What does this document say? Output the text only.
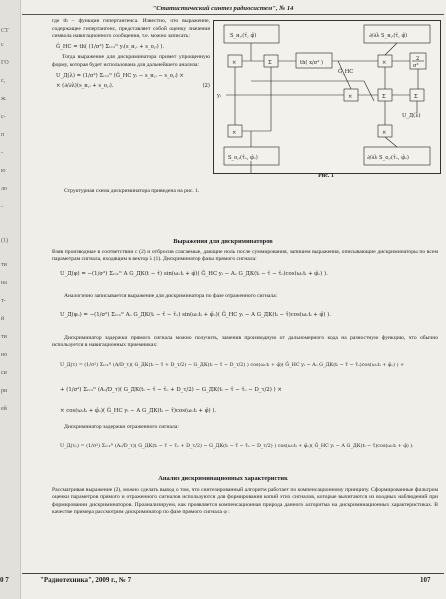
СТ
c
ГО
с,
ж.
с-
п
-
ю
ло
-
(1)
ти
на
т-
й
ти
но
си
ри
ей
"Статистический синтез радиосистем", № 14

где th – функция гипертангенса. Известно, что выражение, содержащее гипертангенс, представляет собой оценку значения символа навигационного сообщения, т.е. можно записать:

Ĝ_НС = th( (1/σ²) Σᵢ₌₁ᴺ yᵢ(s_н,ᵢ + s_о,ᵢ) ).

Тогда выражение для дискриминатора примет упрощенную форму, которая будет использована для дальнейшего анализа:

U_Д(λ) = (1/σ²) Σᵢ₌₁ᴺ (Ĝ_НС yᵢ − s_н,ᵢ − s_о,ᵢ) ×
× (∂/∂λ)(s_н,ᵢ + s_о,ᵢ).	(2)
Структурная схема дискриминатора приведена на рис. 1.
S_н,ᵢ(τ̂, φ̂)	∂/∂λ S_н,ᵢ(τ̂, φ̂)
×	Σ	th( x/σ² )
Ĝ_НС
×
2
σ²
yᵢ	×	Σ	Σ
U_Д(λ)
×	×
S_о,ᵢ(τ̂ₒ, φ̂ₒ)	∂/∂λ S_о,ᵢ(τ̂ₒ, φ̂ₒ)
Рис. 1
Выражения для дискриминаторов
Взяв производные в соответствии с (2) и отбросив слагаемые, дающие ноль после суммирования, запишем выражения, описывающие дискриминаторы по всем параметрам сигнала, входящим в вектор λ (1). Дискриминатор фазы прямого сигнала:
U_Д(φ) = −(1/σ²) Σᵢ₌₁ᴺ A G_ДК(t − τ̂) sin(ωₒtᵢ + φ̂)( Ĝ_НС yᵢ − Aₒ G_ДК(tᵢ − τ̂ − τ̂ₒ)cos(ωₒtᵢ + φ̂ₒ) ).
Аналогично записывается выражение для дискриминатора по фазе отраженного сигнала:
U_Д(φₒ) = −(1/σ²) Σᵢ₌₁ᴺ Aₒ G_ДК(tᵢ − τ̂ − τ̂ₒ) sin(ωₒtᵢ + φ̂ₒ)( Ĝ_НС yᵢ − A G_ДК(tᵢ − τ̂)cos(ωₒtᵢ + φ̂) ).
Дискриминатор задержки прямого сигнала можно получить, заменив производную от дальномерного кода на разностную функцию, что обычно используется в навигационных приемниках:
U_Д(τ) = (1/σ²) Σᵢ₌₁ᴺ (A/D_τ)( G_ДК(tᵢ − τ̂ + D_τ/2) − G_ДК(tᵢ − τ̂ − D_τ/2) ) cos(ωₒtᵢ + φ̂)( Ĝ_НС yᵢ − Aₒ G_ДК(tᵢ − τ̂ − τ̂ₒ)cos(ωₒtᵢ + φ̂ₒ) ) +
+ (1/σ²) Σᵢ₌₁ᴺ (Aₒ/D_τ)( G_ДК(tᵢ − τ̂ − τ̂ₒ + D_τ/2) − G_ДК(tᵢ − τ̂ − τ̂ₒ − D_τ/2) ) ×
× cos(ωₒtᵢ + φ̂ₒ)( Ĝ_НС yᵢ − A G_ДК(tᵢ − τ̂)cos(ωₒtᵢ + φ̂) ).
Дискриминатор задержки отраженного сигнала:
U_Д(τₒ) = (1/σ²) Σᵢ₌₁ᴺ (Aₒ/D_τ)( G_ДК(tᵢ − τ̂ − τ̂ₒ + D_τ/2) − G_ДК(tᵢ − τ̂ − τ̂ₒ − D_τ/2) ) cos(ωₒtᵢ + φ̂ₒ)( Ĝ_НС yᵢ − A G_ДК(tᵢ − τ̂)cos(ωₒtᵢ + φ̂) ).
Анализ дискриминационных характеристик
Рассматривая выражение (2), можно сделать вывод о том, что синтезированный алгоритм работает по компенсационному принципу. Сформированные фильтром оценки параметров прямого и отраженного сигналов используются для формирования копий этих сигналов, которые вычитаются из входных наблюдений при формировании дискриминаторов. Проанализируем, как проявляется компенсационная природа данного алгоритма на дискриминационных характеристиках. В качестве примера рассмотрим дискриминатор по фазе прямого сигнала φ :
0 7	"Радиотехника", 2009 г., № 7	107
